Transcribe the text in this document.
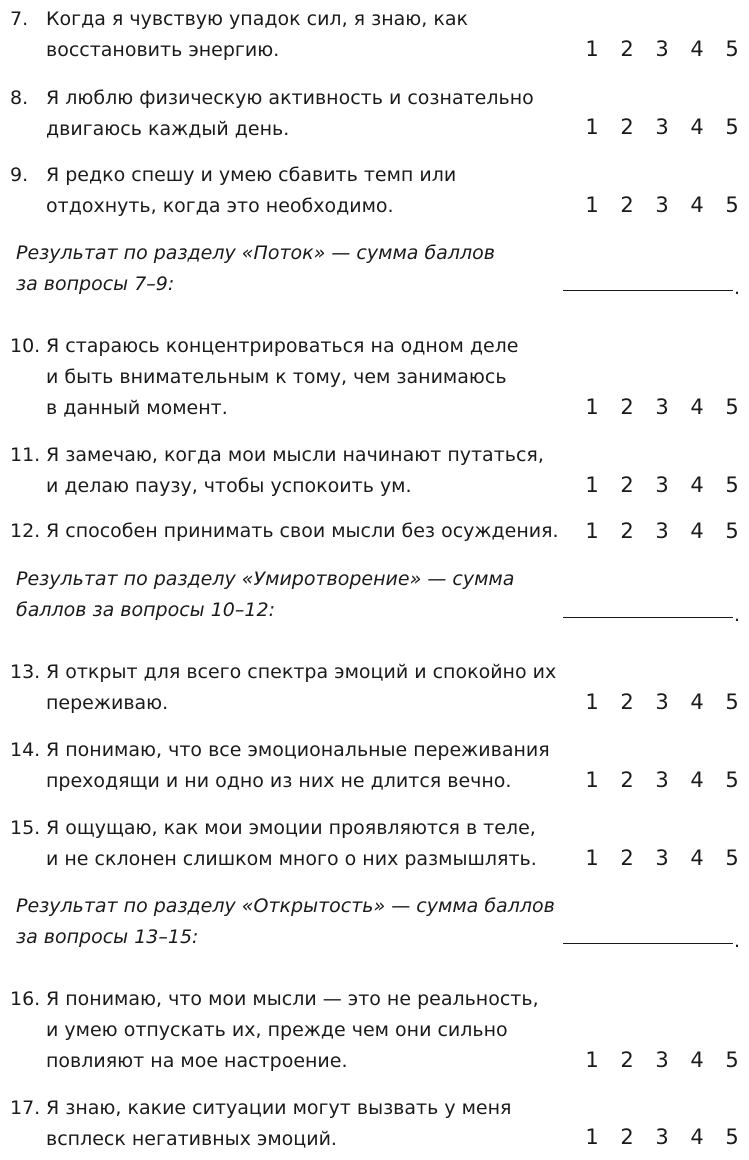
7. Когда я чувствую упадок сил, я знаю, как
восстановить энергию.	1 2 3 4 5
8. Я люблю физическую активность и сознательно
двигаюсь каждый день.	1 2 3 4 5
9. Я редко спешу и умею сбавить темп или
отдохнуть, когда это необходимо.	1 2 3 4 5
Результат по разделу «Поток» — сумма баллов
за вопросы 7–9:	.
10. Я стараюсь концентрироваться на одном деле
и быть внимательным к тому, чем занимаюсь
в данный момент.	1 2 3 4 5
11. Я замечаю, когда мои мысли начинают путаться,
и делаю паузу, чтобы успокоить ум.	1 2 3 4 5
12. Я способен принимать свои мысли без осуждения.	1 2 3 4 5
Результат по разделу «Умиротворение» — сумма
баллов за вопросы 10–12:	.
13. Я открыт для всего спектра эмоций и спокойно их
переживаю.	1 2 3 4 5
14. Я понимаю, что все эмоциональные переживания
преходящи и ни одно из них не длится вечно.	1 2 3 4 5
15. Я ощущаю, как мои эмоции проявляются в теле,
и не склонен слишком много о них размышлять.	1 2 3 4 5
Результат по разделу «Открытость» — сумма баллов
за вопросы 13–15:	.
16. Я понимаю, что мои мысли — это не реальность,
и умею отпускать их, прежде чем они сильно
повлияют на мое настроение.	1 2 3 4 5
17. Я знаю, какие ситуации могут вызвать у меня
всплеск негативных эмоций.	1 2 3 4 5
